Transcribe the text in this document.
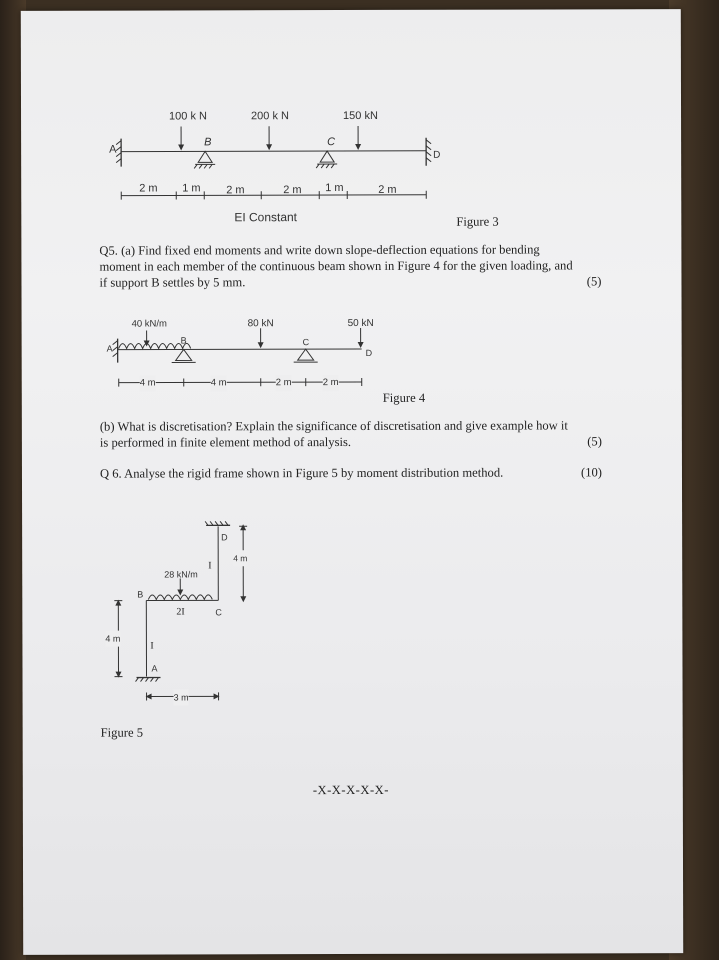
100 k N	200 k N	150 kN
A
B	C
D
2 m 1 m 2 m	2 m 1 m	2 m
EI Constant	Figure 3
Q5. (a) Find fixed end moments and write down slope-deflection equations for bending
moment in each member of the continuous beam shown in Figure 4 for the given loading, and
if support B settles by 5 mm.	(5)
40 kN/m	80 kN	50 kN
A
B	C
D
4 m	4 m	2 m	2 m
Figure 4
(b) What is discretisation? Explain the significance of discretisation and give example how it
is performed in finite element method of analysis.	(5)
Q 6. Analyse the rigid frame shown in Figure 5 by moment distribution method.	(10)
28 kN/m
A
B
C
D
2I
I
I
4 m
4 m
3 m
Figure 5
-X-X-X-X-X-
